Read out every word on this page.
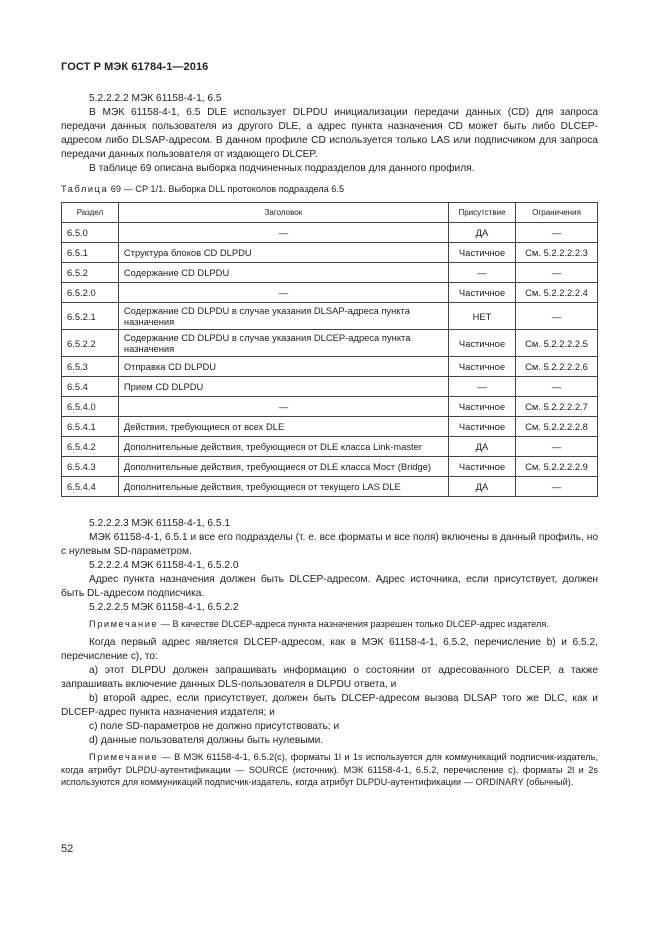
ГОСТ Р МЭК 61784-1—2016

5.2.2.2.2 МЭК 61158-4-1, 6.5

В МЭК 61158-4-1, 6.5 DLE использует DLPDU инициализации передачи данных (CD) для запроса передачи данных пользователя из другого DLE, а адрес пункта назначения CD может быть либо DLCEP-адресом либо DLSAP-адресом. В данном профиле CD используется только LAS или подписчиком для запроса передачи данных пользователя от издающего DLCEP.

В таблице 69 описана выборка подчиненных подразделов для данного профиля.

Таблица 69 — CP 1/1. Выборка DLL протоколов подраздела 6.5
Раздел	Заголовок	Присутствие	Ограничения
6.5.0	—	ДА	—
6.5.1	Структура блоков CD DLPDU	Частичное	См. 5.2.2.2.2.3
6.5.2	Содержание CD DLPDU	—	—
6.5.2.0	—	Частичное	См. 5.2.2.2.2.4
6.5.2.1	Содержание CD DLPDU в случае указания DLSAP-адреса пункта назначения	НЕТ	—
6.5.2.2	Содержание CD DLPDU в случае указания DLCEP-адреса пункта назначения	Частичное	См. 5.2.2.2.2.5
6.5.3	Отправка CD DLPDU	Частичное	См. 5.2.2.2.2.6
6.5.4	Прием CD DLPDU	—	—
6.5.4.0	—	Частичное	См. 5.2.2.2.2.7
6.5.4.1	Действия, требующиеся от всех DLE	Частичное	См. 5.2.2.2.2.8
6.5.4.2	Дополнительные действия, требующиеся от DLE класса Link-master	ДА	—
6.5.4.3	Дополнительные действия, требующиеся от DLE класса Мост (Bridge)	Частичное	См. 5.2.2.2.2.9
6.5.4.4	Дополнительные действия, требующиеся от текущего LAS DLE	ДА	—

5.2.2.2.3 МЭК 61158-4-1, 6.5.1

МЭК 61158-4-1, 6.5.1 и все его подразделы (т. е. все форматы и все поля) включены в данный профиль, но с нулевым SD-параметром.

5.2.2.2.4 МЭК 61158-4-1, 6.5.2.0

Адрес пункта назначения должен быть DLCEP-адресом. Адрес источника, если присутствует, должен быть DL-адресом подписчика.

5.2.2.2.5 МЭК 61158-4-1, 6.5.2.2

Примечание — В качестве DLCEP-адреса пункта назначения разрешен только DLCEP-адрес издателя.

Когда первый адрес является DLCEP-адресом, как в МЭК 61158-4-1, 6.5.2, перечисление b) и 6.5.2, перечисление с), то:

а) этот DLPDU должен запрашивать информацию о состоянии от адресованного DLCEP, а также запрашивать включение данных DLS-пользователя в DLPDU ответа, и

b) второй адрес, если присутствует, должен быть DLCEP-адресом вызова DLSAP того же DLC, как и DLCEP-адрес пункта назначения издателя; и

с) поле SD-параметров не должно присутствовать; и

d) данные пользователя должны быть нулевыми.

Примечание — В МЭК 61158-4-1, 6.5.2(с), форматы 1l и 1s используется для коммуникаций подписчик-издатель, когда атрибут DLPDU-аутентификации — SOURCE (источник). МЭК 61158-4-1, 6.5.2, перечисление с), форматы 2l и 2s используются для коммуникаций подписчик-издатель, когда атрибут DLPDU-аутентификации — ORDINARY (обычный).

52
